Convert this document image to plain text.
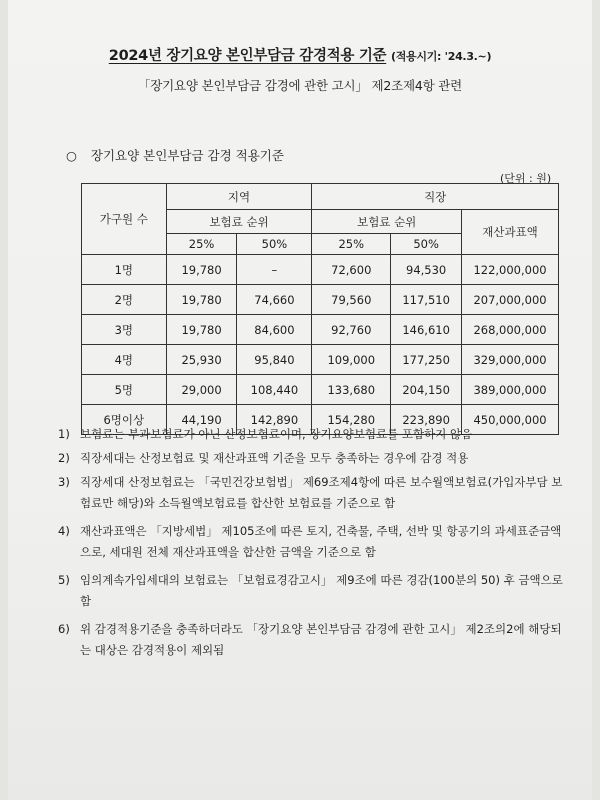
2024년 장기요양 본인부담금 감경적용 기준 (적용시기: '24.3.~)
「장기요양 본인부담금 감경에 관한 고시」 제2조제4항 관련
○ 장기요양 본인부담금 감경 적용기준
(단위 : 원)
가구원 수	지역		직장		
	보험료 순위		보험료 순위		재산과표액
	25%	50%	25%	50%	
1명	19,780	–	72,600	94,530	122,000,000
2명	19,780	74,660	79,560	117,510	207,000,000
3명	19,780	84,600	92,760	146,610	268,000,000
4명	25,930	95,840	109,000	177,250	329,000,000
5명	29,000	108,440	133,680	204,150	389,000,000
6명이상	44,190	142,890	154,280	223,890	450,000,000
1) 보험료는 부과보험료가 아닌 산정보험료이며, 장기요양보험료를 포함하지 않음
2) 직장세대는 산정보험료 및 재산과표액 기준을 모두 충족하는 경우에 감경 적용
3) 직장세대 산정보험료는 「국민건강보험법」 제69조제4항에 따른 보수월액보험료(가입자부담 보험료만 해당)와 소득월액보험료를 합산한 보험료를 기준으로 함
4) 재산과표액은 「지방세법」 제105조에 따른 토지, 건축물, 주택, 선박 및 항공기의 과세표준금액으로, 세대원 전체 재산과표액을 합산한 금액을 기준으로 함
5) 임의계속가입세대의 보험료는 「보험료경감고시」 제9조에 따른 경감(100분의 50) 후 금액으로 함
6) 위 감경적용기준을 충족하더라도 「장기요양 본인부담금 감경에 관한 고시」 제2조의2에 해당되는 대상은 감경적용이 제외됨
